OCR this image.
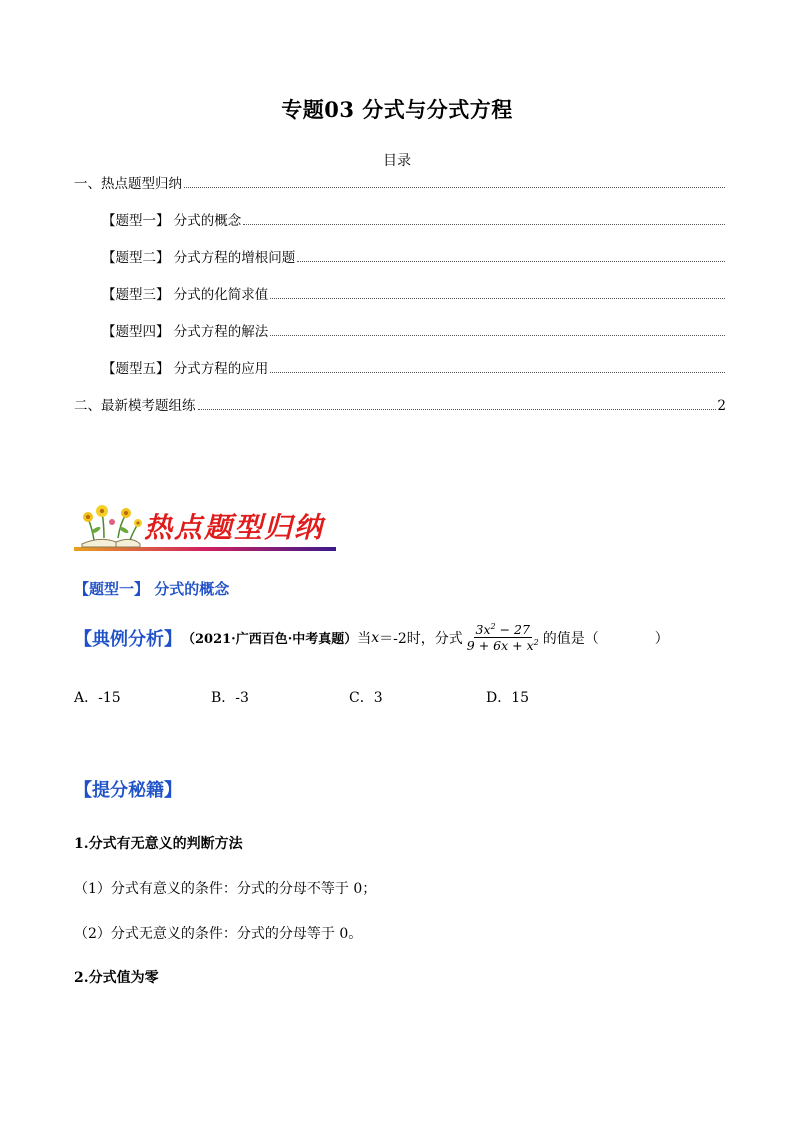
专题03 分式与分式方程
目录
一、热点题型归纳
【题型一】 分式的概念
【题型二】 分式方程的增根问题
【题型三】 分式的化简求值
【题型四】 分式方程的解法
【题型五】 分式方程的应用
二、最新模考题组练	2
热点题型归纳
【题型一】 分式的概念
【典例分析】 （2021·广西百色·中考真题） 当 x ＝-2时，分式 $\frac{3x^2 - 27}{9 + 6x + x^2}$ 的值是（　　　　）
A．-15	B．-3	C．3	D．15
【提分秘籍】
1.分式有无意义的判断方法
（1）分式有意义的条件：分式的分母不等于 0；
（2）分式无意义的条件：分式的分母等于 0。
2.分式值为零
